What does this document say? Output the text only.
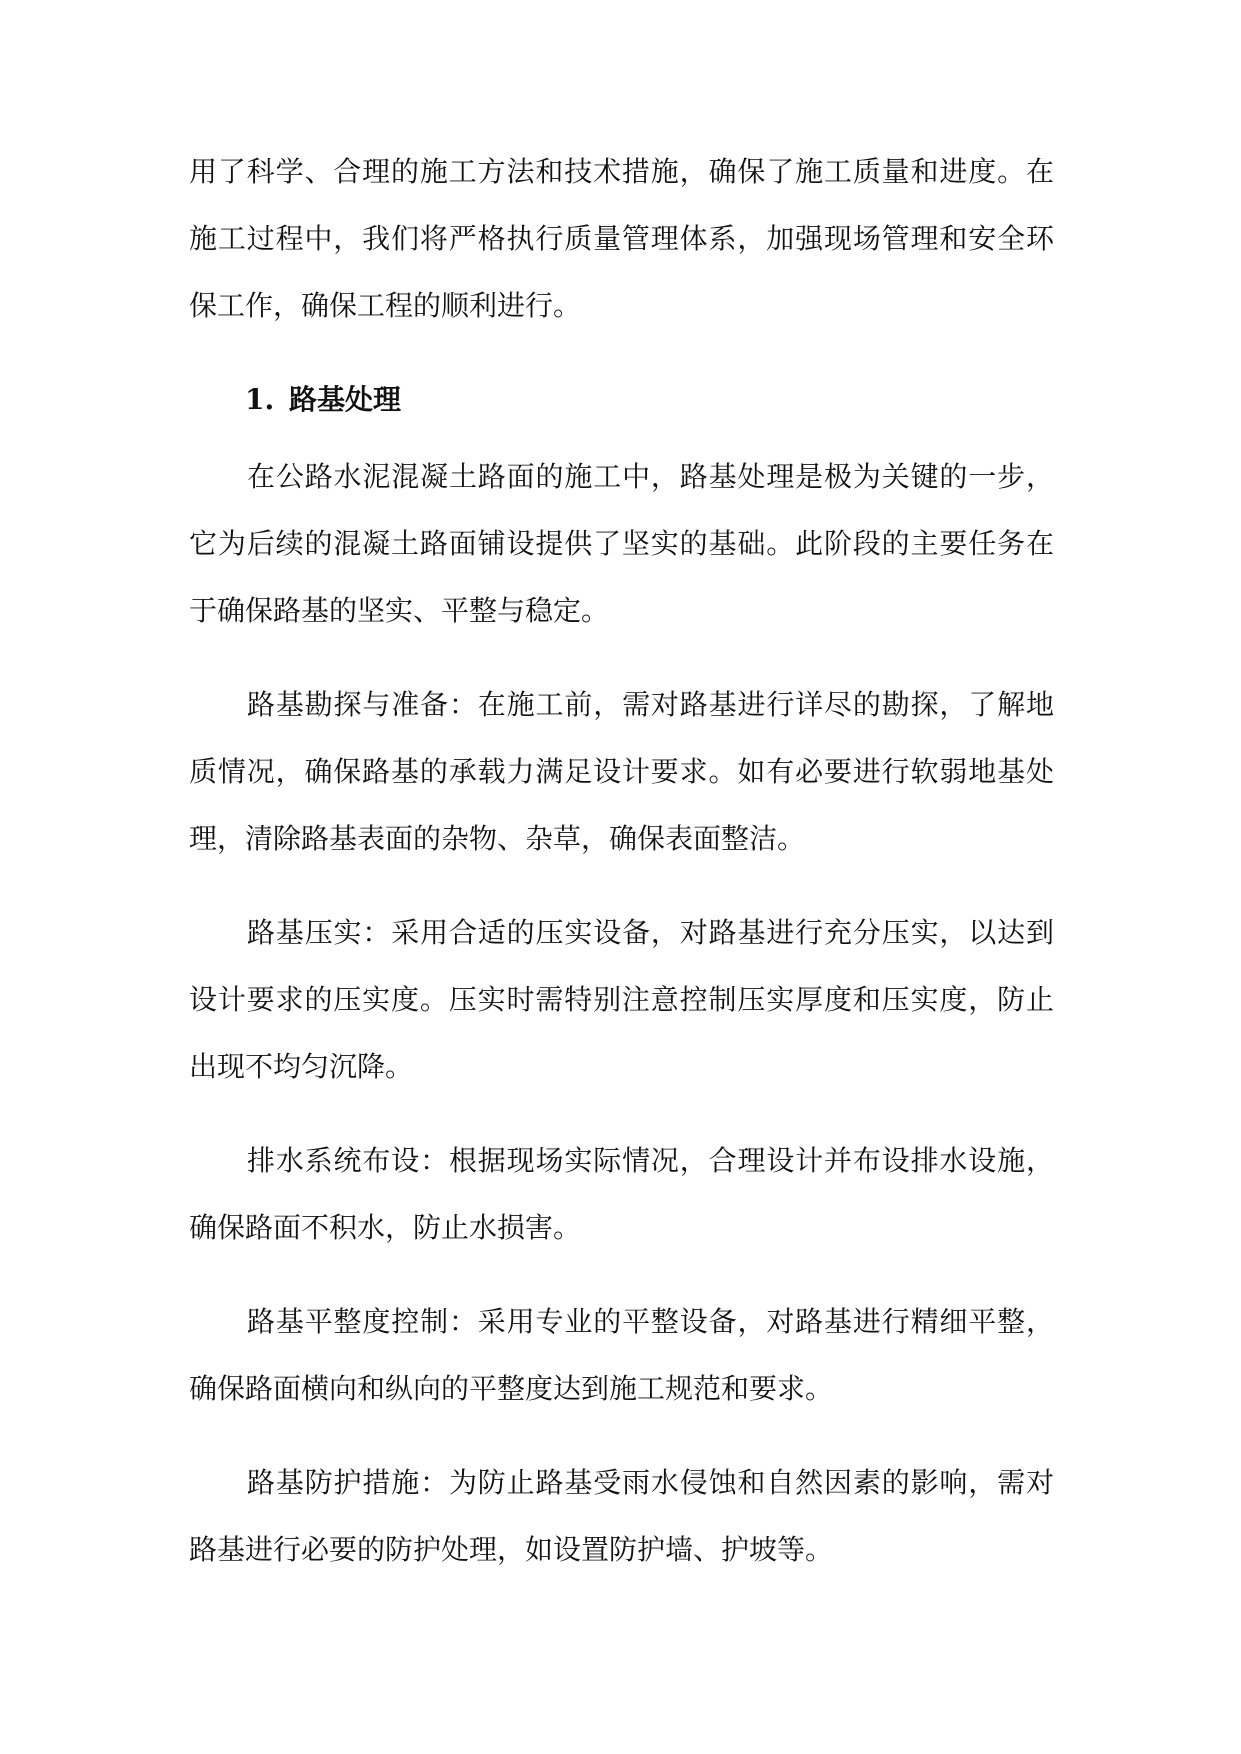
用了科学、合理的施工方法和技术措施，确保了施工质量和进度。在
施工过程中，我们将严格执行质量管理体系，加强现场管理和安全环
保工作，确保工程的顺利进行。
1. 路基处理
在公路水泥混凝土路面的施工中，路基处理是极为关键的一步，
它为后续的混凝土路面铺设提供了坚实的基础。此阶段的主要任务在
于确保路基的坚实、平整与稳定。
路基勘探与准备：在施工前，需对路基进行详尽的勘探，了解地
质情况，确保路基的承载力满足设计要求。如有必要进行软弱地基处
理，清除路基表面的杂物、杂草，确保表面整洁。
路基压实：采用合适的压实设备，对路基进行充分压实，以达到
设计要求的压实度。压实时需特别注意控制压实厚度和压实度，防止
出现不均匀沉降。
排水系统布设：根据现场实际情况，合理设计并布设排水设施，
确保路面不积水，防止水损害。
路基平整度控制：采用专业的平整设备，对路基进行精细平整，
确保路面横向和纵向的平整度达到施工规范和要求。
路基防护措施：为防止路基受雨水侵蚀和自然因素的影响，需对
路基进行必要的防护处理，如设置防护墙、护坡等。
